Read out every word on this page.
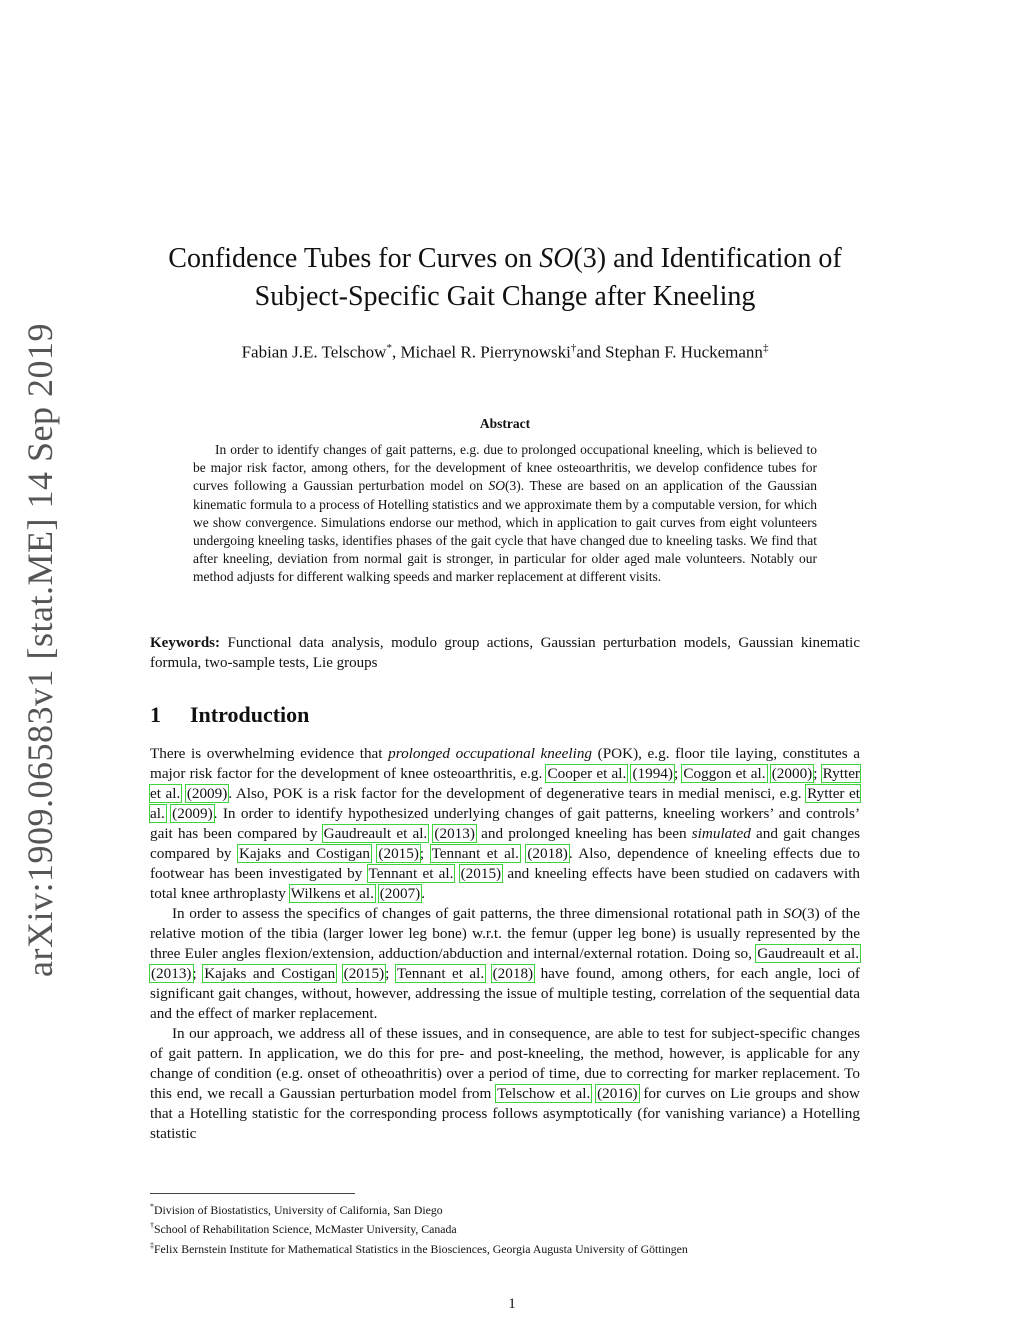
arXiv:1909.06583v1 [stat.ME] 14 Sep 2019
Confidence Tubes for Curves on SO(3) and Identification of
Subject-Specific Gait Change after Kneeling
Fabian J.E. Telschow*, Michael R. Pierrynowski†and Stephan F. Huckemann‡
Abstract
In order to identify changes of gait patterns, e.g. due to prolonged occupational kneeling, which is believed to be major risk factor, among others, for the development of knee osteoarthritis, we develop confidence tubes for curves following a Gaussian perturbation model on SO(3). These are based on an application of the Gaussian kinematic formula to a process of Hotelling statistics and we approximate them by a computable version, for which we show convergence. Simulations endorse our method, which in application to gait curves from eight volunteers undergoing kneeling tasks, identifies phases of the gait cycle that have changed due to kneeling tasks. We find that after kneeling, deviation from normal gait is stronger, in particular for older aged male volunteers. Notably our method adjusts for different walking speeds and marker replacement at different visits.
Keywords: Functional data analysis, modulo group actions, Gaussian perturbation models, Gaussian kinematic formula, two-sample tests, Lie groups
1 Introduction

There is overwhelming evidence that prolonged occupational kneeling (POK), e.g. floor tile laying, constitutes a major risk factor for the development of knee osteoarthritis, e.g. Cooper et al. (1994); Coggon et al. (2000); Rytter et al. (2009). Also, POK is a risk factor for the development of degenerative tears in medial menisci, e.g. Rytter et al. (2009). In order to identify hypothesized underlying changes of gait patterns, kneeling workers’ and controls’ gait has been compared by Gaudreault et al. (2013) and prolonged kneeling has been simulated and gait changes compared by Kajaks and Costigan (2015); Tennant et al. (2018). Also, dependence of kneeling effects due to footwear has been investigated by Tennant et al. (2015) and kneeling effects have been studied on cadavers with total knee arthroplasty Wilkens et al. (2007).

In order to assess the specifics of changes of gait patterns, the three dimensional rotational path in SO(3) of the relative motion of the tibia (larger lower leg bone) w.r.t. the femur (upper leg bone) is usually represented by the three Euler angles flexion/extension, adduction/abduction and internal/external rotation. Doing so, Gaudreault et al. (2013); Kajaks and Costigan (2015); Tennant et al. (2018) have found, among others, for each angle, loci of significant gait changes, without, however, addressing the issue of multiple testing, correlation of the sequential data and the effect of marker replacement.

In our approach, we address all of these issues, and in consequence, are able to test for subject-specific changes of gait pattern. In application, we do this for pre- and post-kneeling, the method, however, is applicable for any change of condition (e.g. onset of otheoathritis) over a period of time, due to correcting for marker replacement. To this end, we recall a Gaussian perturbation model from Telschow et al. (2016) for curves on Lie groups and show that a Hotelling statistic for the corresponding process follows asymptotically (for vanishing variance) a Hotelling statistic

*Division of Biostatistics, University of California, San Diego
†School of Rehabilitation Science, McMaster University, Canada
‡Felix Bernstein Institute for Mathematical Statistics in the Biosciences, Georgia Augusta University of Göttingen
1
